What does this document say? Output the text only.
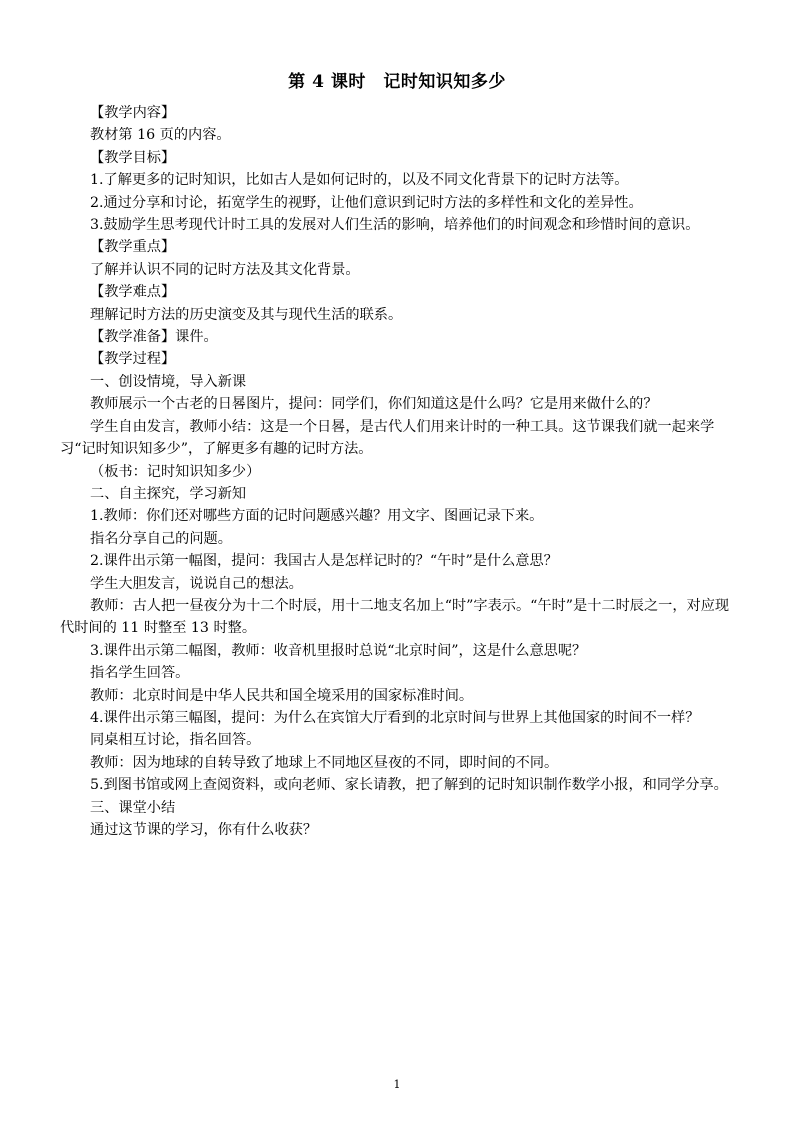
第 4 课时　记时知识知多少

【教学内容】

教材第 16 页的内容。

【教学目标】

1.了解更多的记时知识，比如古人是如何记时的，以及不同文化背景下的记时方法等。

2.通过分享和讨论，拓宽学生的视野，让他们意识到记时方法的多样性和文化的差异性。

3.鼓励学生思考现代计时工具的发展对人们生活的影响，培养他们的时间观念和珍惜时间的意识。

【教学重点】

了解并认识不同的记时方法及其文化背景。

【教学难点】

理解记时方法的历史演变及其与现代生活的联系。

【教学准备】课件。

【教学过程】

一、创设情境，导入新课

教师展示一个古老的日晷图片，提问：同学们，你们知道这是什么吗？它是用来做什么的？

学生自由发言，教师小结：这是一个日晷，是古代人们用来计时的一种工具。这节课我们就一起来学习“记时知识知多少”，了解更多有趣的记时方法。

（板书：记时知识知多少）

二、自主探究，学习新知

1.教师：你们还对哪些方面的记时问题感兴趣？用文字、图画记录下来。

指名分享自己的问题。

2.课件出示第一幅图，提问：我国古人是怎样记时的？“午时”是什么意思？

学生大胆发言，说说自己的想法。

教师：古人把一昼夜分为十二个时辰，用十二地支名加上“时”字表示。“午时”是十二时辰之一，对应现代时间的 11 时整至 13 时整。

3.课件出示第二幅图，教师：收音机里报时总说“北京时间”，这是什么意思呢？

指名学生回答。

教师：北京时间是中华人民共和国全境采用的国家标准时间。

4.课件出示第三幅图，提问：为什么在宾馆大厅看到的北京时间与世界上其他国家的时间不一样？

同桌相互讨论，指名回答。

教师：因为地球的自转导致了地球上不同地区昼夜的不同，即时间的不同。

5.到图书馆或网上查阅资料，或向老师、家长请教，把了解到的记时知识制作数学小报，和同学分享。

三、课堂小结

通过这节课的学习，你有什么收获？

1
